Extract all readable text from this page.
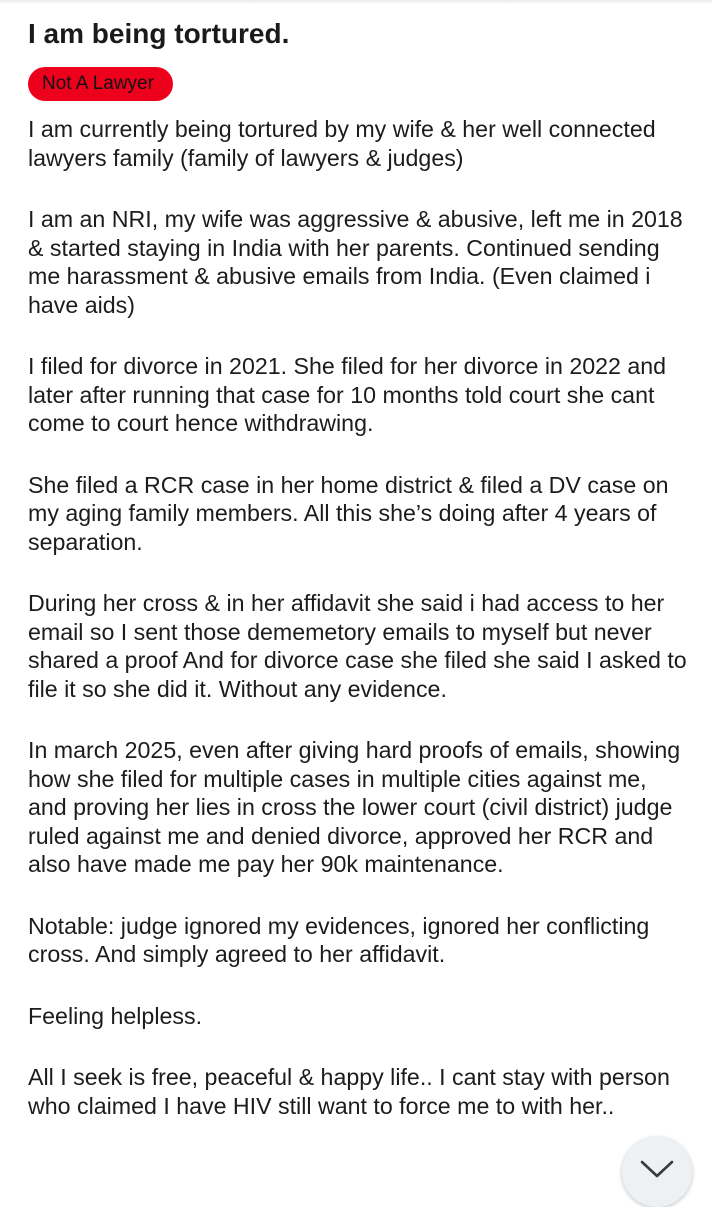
I am being tortured.
Not A Lawyer

I am currently being tortured by my wife & her well connected lawyers family (family of lawyers & judges)

I am an NRI, my wife was aggressive & abusive, left me in 2018 & started staying in India with her parents. Continued sending me harassment & abusive emails from India. (Even claimed i have aids)

I filed for divorce in 2021. She filed for her divorce in 2022 and later after running that case for 10 months told court she cant come to court hence withdrawing.

She filed a RCR case in her home district & filed a DV case on my aging family members. All this she’s doing after 4 years of separation.

During her cross & in her affidavit she said i had access to her email so I sent those dememetory emails to myself but never shared a proof And for divorce case she filed she said I asked to file it so she did it. Without any evidence.

In march 2025, even after giving hard proofs of emails, showing how she filed for multiple cases in multiple cities against me, and proving her lies in cross the lower court (civil district) judge ruled against me and denied divorce, approved her RCR and also have made me pay her 90k maintenance.

Notable: judge ignored my evidences, ignored her conflicting cross. And simply agreed to her affidavit.

Feeling helpless.

All I seek is free, peaceful & happy life.. I cant stay with person who claimed I have HIV still want to force me to with her..
